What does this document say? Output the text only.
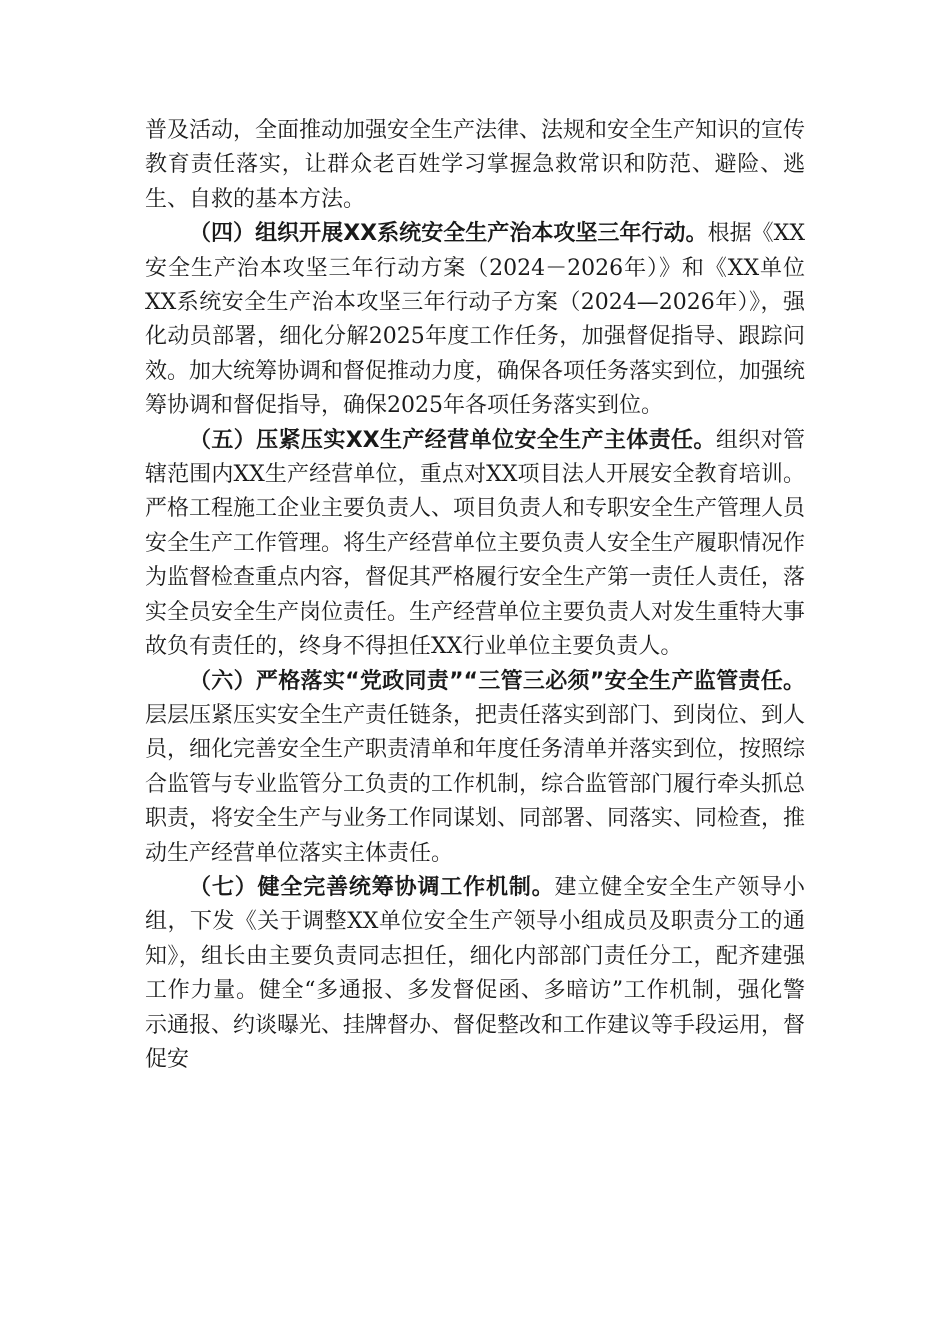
普及活动，全面推动加强安全生产法律、法规和安全生产知识的宣传教育责任落实，让群众老百姓学习掌握急救常识和防范、避险、逃生、自救的基本方法。

（四）组织开展XX系统安全生产治本攻坚三年行动。根据《XX安全生产治本攻坚三年行动方案（2024－2026年）》和《XX单位XX系统安全生产治本攻坚三年行动子方案（2024—2026年）》，强化动员部署，细化分解2025年度工作任务，加强督促指导、跟踪问效。加大统筹协调和督促推动力度，确保各项任务落实到位，加强统筹协调和督促指导，确保2025年各项任务落实到位。

（五）压紧压实XX生产经营单位安全生产主体责任。组织对管辖范围内XX生产经营单位，重点对XX项目法人开展安全教育培训。严格工程施工企业主要负责人、项目负责人和专职安全生产管理人员安全生产工作管理。将生产经营单位主要负责人安全生产履职情况作为监督检查重点内容，督促其严格履行安全生产第一责任人责任，落实全员安全生产岗位责任。生产经营单位主要负责人对发生重特大事故负有责任的，终身不得担任XX行业单位主要负责人。

（六）严格落实“党政同责”“三管三必须”安全生产监管责任。层层压紧压实安全生产责任链条，把责任落实到部门、到岗位、到人员，细化完善安全生产职责清单和年度任务清单并落实到位，按照综合监管与专业监管分工负责的工作机制，综合监管部门履行牵头抓总职责，将安全生产与业务工作同谋划、同部署、同落实、同检查，推动生产经营单位落实主体责任。

（七）健全完善统筹协调工作机制。建立健全安全生产领导小组，下发《关于调整XX单位安全生产领导小组成员及职责分工的通知》，组长由主要负责同志担任，细化内部部门责任分工，配齐建强工作力量。健全“多通报、多发督促函、多暗访”工作机制，强化警示通报、约谈曝光、挂牌督办、督促整改和工作建议等手段运用，督促安
